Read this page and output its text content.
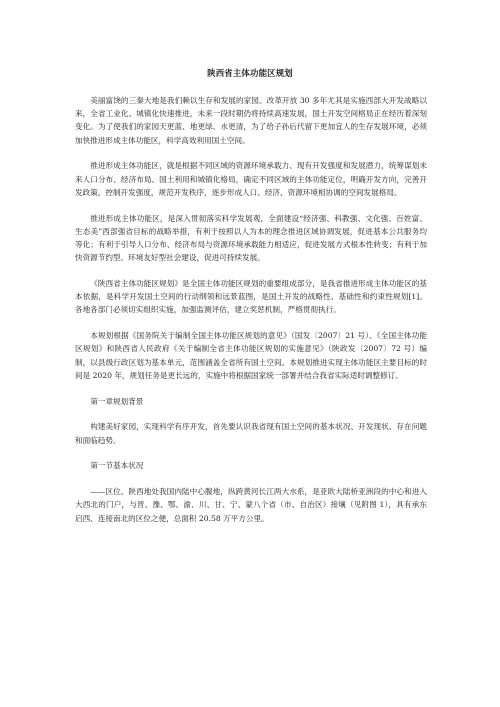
陕西省主体功能区规划

美丽富饶的三秦大地是我们赖以生存和发展的家园。改革开放 30 多年尤其是实施西部大开发战略以来，全省工业化、城镇化快速推进，未来一段时期仍将持续高速发展，国土开发空间格局正在经历着深刻变化。为了使我们的家园天更蓝、地更绿、水更清，为了给子孙后代留下更加宜人的生存发展环境，必须加快推进形成主体功能区，科学高效利用国土空间。

推进形成主体功能区，就是根据不同区域的资源环境承载力、现有开发强度和发展潜力，统筹谋划未来人口分布、经济布局、国土利用和城镇化格局，确定不同区域的主体功能定位，明确开发方向，完善开发政策，控制开发强度，规范开发秩序，逐步形成人口、经济、资源环境相协调的空间发展格局。

推进形成主体功能区，是深入贯彻落实科学发展观，全面建设“经济强、科教强、文化强、百姓富、生态美”西部强省目标的战略举措，有利于按照以人为本的理念推进区域协调发展，促进基本公共服务均等化；有利于引导人口分布、经济布局与资源环境承载能力相适应，促进发展方式根本性转变；有利于加快资源节约型、环境友好型社会建设，促进可持续发展。

《陕西省主体功能区规划》是全国主体功能区规划的重要组成部分，是我省推进形成主体功能区的基本依据，是科学开发国土空间的行动纲领和远景蓝图，是国土开发的战略性、基础性和约束性规划[1]。各地各部门必须切实组织实施，加强监测评估，建立奖惩机制，严格贯彻执行。

本规划根据《国务院关于编制全国主体功能区规划的意见》（国发〔2007〕21 号）、《全国主体功能区规划》和陕西省人民政府《关于编制全省主体功能区规划的实施意见》（陕政发〔2007〕72 号）编制，以县级行政区划为基本单元，范围涵盖全省所有国土空间。本规划推进实现主体功能区主要目标的时间是 2020 年，规划任务是更长远的，实施中将根据国家统一部署并结合我省实际适时调整修订。

第一章规划背景

构建美好家园，实现科学有序开发，首先要认识我省现有国土空间的基本状况、开发现状、存在问题和面临趋势。

第一节基本状况

——区位。陕西地处我国内陆中心腹地，纵跨黄河长江两大水系，是亚欧大陆桥亚洲段的中心和进入大西北的门户，与晋、豫、鄂、渝、川、甘、宁、蒙八个省（市、自治区）接壤（见附图 1），具有承东启西、连接南北的区位之便，总面积 20.58 万平方公里。
